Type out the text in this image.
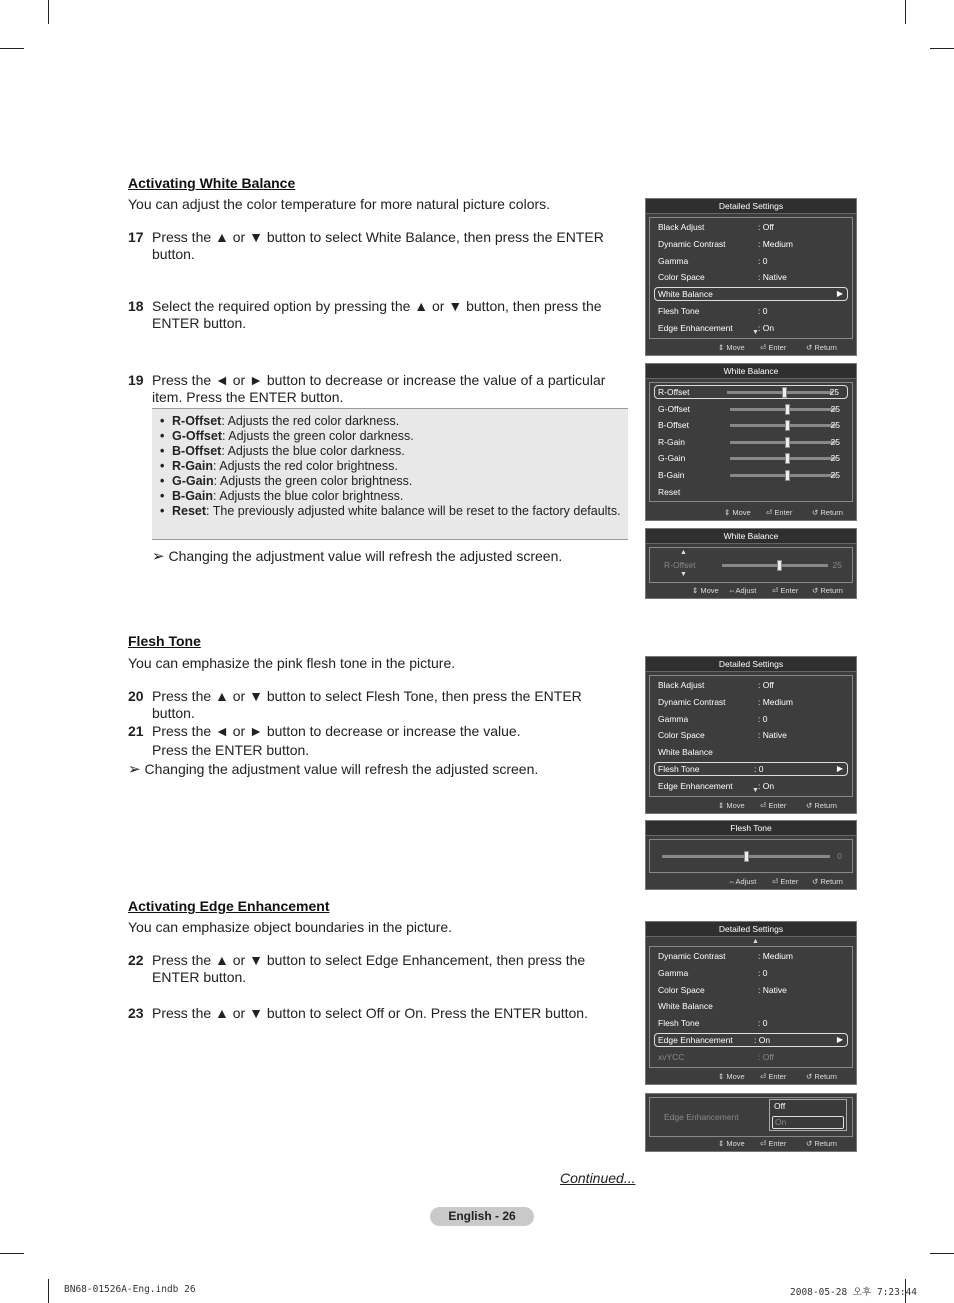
Activating White Balance
You can adjust the color temperature for more natural picture colors.
17 Press the ▲ or ▼ button to select White Balance, then press the ENTER button.
18 Select the required option by pressing the ▲ or ▼ button, then press the ENTER button.
19 Press the ◄ or ► button to decrease or increase the value of a particular item. Press the ENTER button.
• R-Offset: Adjusts the red color darkness.
• G-Offset: Adjusts the green color darkness.
• B-Offset: Adjusts the blue color darkness.
• R-Gain: Adjusts the red color brightness.
• G-Gain: Adjusts the green color brightness.
• B-Gain: Adjusts the blue color brightness.
• Reset: The previously adjusted white balance will be reset to the factory defaults.
➢ Changing the adjustment value will refresh the adjusted screen.
Flesh Tone
You can emphasize the pink flesh tone in the picture.
20 Press the ▲ or ▼ button to select Flesh Tone, then press the ENTER button.
21 Press the ◄ or ► button to decrease or increase the value.
Press the ENTER button.
➢ Changing the adjustment value will refresh the adjusted screen.
Activating Edge Enhancement
You can emphasize object boundaries in the picture.
22 Press the ▲ or ▼ button to select Edge Enhancement, then press the ENTER button.
23 Press the ▲ or ▼ button to select Off or On. Press the ENTER button.
Detailed Settings
Black Adjust	: Off
Dynamic Contrast	: Medium
Gamma	: 0
Color Space	: Native
White Balance	▶
Flesh Tone	: 0
Edge Enhancement	: On
▼
⇕ Move ⏎ Enter	↺ Return
White Balance
R-Offset	25
G-Offset	25
B-Offset	25
R-Gain	25
G-Gain	25
B-Gain	25
Reset
⇕ Move ⏎ Enter	↺ Return
White Balance
▲
R-Offset	25
▼
⇕ Move ⇔Adjust ⏎ Enter ↺ Return
Detailed Settings
Black Adjust	: Off
Dynamic Contrast	: Medium
Gamma	: 0
Color Space	: Native
White Balance
Flesh Tone	: 0	▶
Edge Enhancement	: On
▼
⇕ Move ⏎ Enter	↺ Return
Flesh Tone
0
⇔Adjust ⏎ Enter ↺ Return
Detailed Settings
▲
Dynamic Contrast	: Medium
Gamma	: 0
Color Space	: Native
White Balance
Flesh Tone	: 0
Edge Enhancement	: On	▶
xvYCC	: Off
⇕ Move ⏎ Enter	↺ Return
Edge Enhancement
Off
On
⇕ Move ⏎ Enter	↺ Return
Continued...
English - 26
BN68-01526A-Eng.indb 26	2008-05-28 오후 7:23:44
